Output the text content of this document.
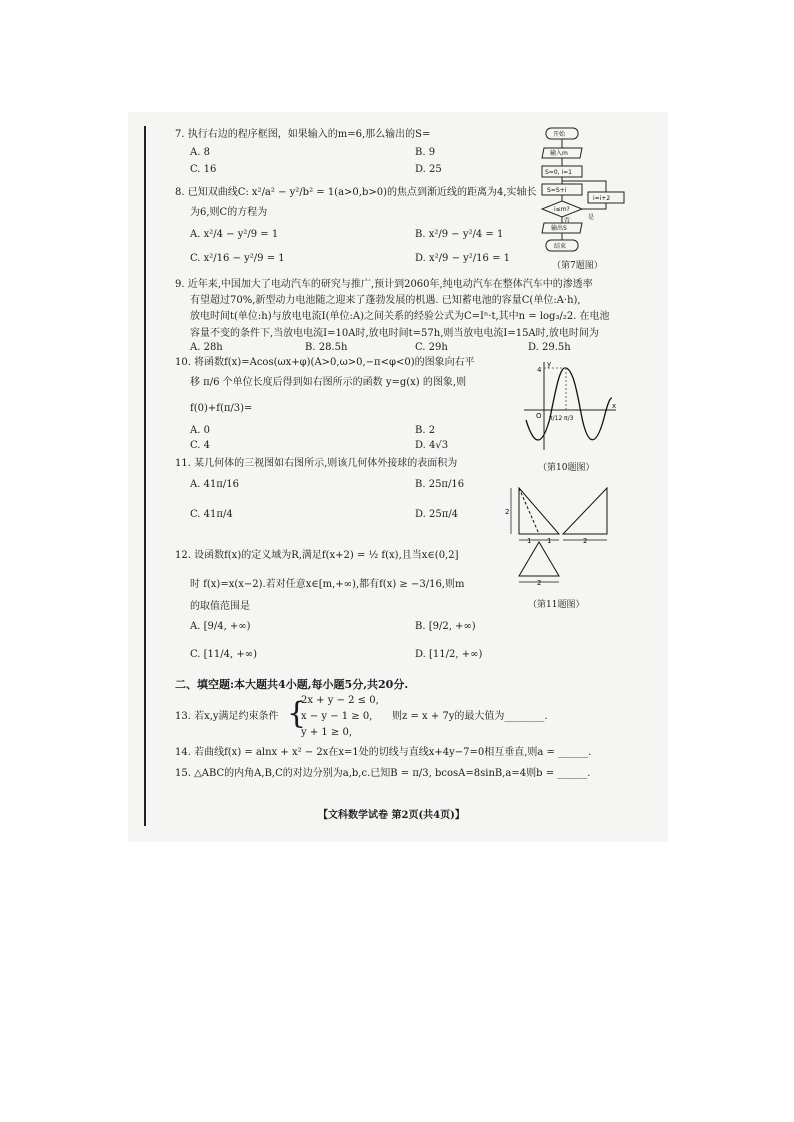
7. 执行右边的程序框图，如果输入的m=6,那么输出的S=
A. 8	B. 9
C. 16	D. 25
8. 已知双曲线C: x²/a² − y²/b² = 1(a>0,b>0)的焦点到渐近线的距离为4,实轴长
为6,则C的方程为
A. x²/4 − y²/9 = 1	B. x²/9 − y²/4 = 1
C. x²/16 − y²/9 = 1	D. x²/9 − y²/16 = 1
开始
输入m
S=0, i=1
S=S+i
i≤m?
i=i+2
是
否
输出S
结束
（第7题图）
9. 近年来,中国加大了电动汽车的研究与推广,预计到2060年,纯电动汽车在整体汽车中的渗透率
有望超过70%,新型动力电池随之迎来了蓬勃发展的机遇. 已知蓄电池的容量C(单位:A·h),
放电时间t(单位:h)与放电电流I(单位:A)之间关系的经验公式为C=Iⁿ·t,其中n = log₃/₂2. 在电池
容量不变的条件下,当放电电流I=10A时,放电时间t=57h,则当放电电流I=15A时,放电时间为
A. 28h	B. 28.5h	C. 29h	D. 29.5h
10. 将函数f(x)=Acos(ωx+φ)(A>0,ω>0,−π<φ<0)的图象向右平
移 π/6 个单位长度后得到如右图所示的函数 y=g(x) 的图象,则
f(0)+f(π/3)=
A. 0	B. 2
C. 4	D. 4√3
4
O
x
y
π/12 π/3
（第10题图）
11. 某几何体的三视图如右图所示,则该几何体外接球的表面积为
A. 41π/16	B. 25π/16
C. 41π/4	D. 25π/4	2
1 1	2
2
（第11题图）
12. 设函数f(x)的定义域为R,满足f(x+2) = ½ f(x),且当x∈(0,2]
时 f(x)=x(x−2).若对任意x∈[m,+∞),都有f(x) ≥ −3/16,则m
的取值范围是
A. [9/4, +∞)	B. [9/2, +∞)
C. [11/4, +∞)	D. [11/2, +∞)
二、填空题:本大题共4小题,每小题5分,共20分.
13. 若x,y满足约束条件 {
2x + y − 2 ≤ 0,
x − y − 1 ≥ 0,
y + 1 ≥ 0,
则z = x + 7y的最大值为________.
14. 若曲线f(x) = alnx + x² − 2x在x=1处的切线与直线x+4y−7=0相互垂直,则a = ______.
15. △ABC的内角A,B,C的对边分别为a,b,c.已知B = π/3, bcosA=8sinB,a=4则b = ______.
【文科数学试卷 第2页(共4页)】
